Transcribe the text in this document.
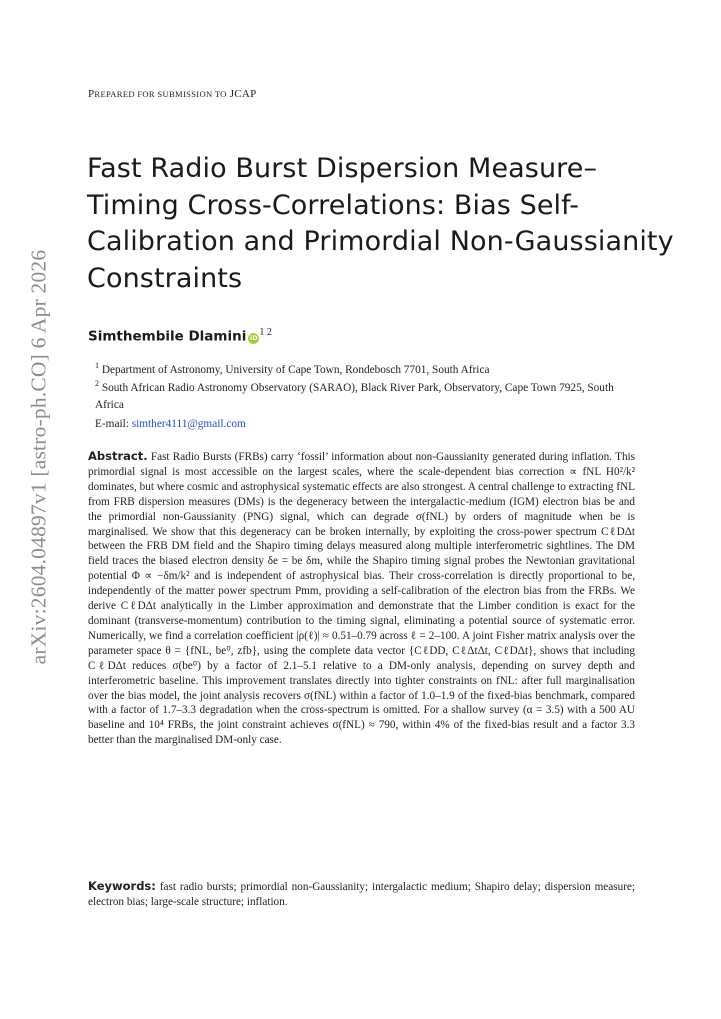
arXiv:2604.04897v1 [astro-ph.CO] 6 Apr 2026
PREPARED FOR SUBMISSION TO JCAP
Fast Radio Burst Dispersion Measure–Timing Cross-Correlations: Bias Self-Calibration and Primordial Non-Gaussianity Constraints
Simthembile Dlamini iD $^{1 2}$
$^1$ Department of Astronomy, University of Cape Town, Rondebosch 7701, South Africa
$^2$ South African Radio Astronomy Observatory (SARAO), Black River Park, Observatory, Cape Town 7925, South Africa
E-mail: simther4111@gmail.com

Abstract. Fast Radio Bursts (FRBs) carry ‘fossil’ information about non-Gaussianity generated during inflation. This primordial signal is most accessible on the largest scales, where the scale-dependent bias correction ∝ fNL H0²/k² dominates, but where cosmic and astrophysical systematic effects are also strongest. A central challenge to extracting fNL from FRB dispersion measures (DMs) is the degeneracy between the intergalactic-medium (IGM) electron bias be and the primordial non-Gaussianity (PNG) signal, which can degrade σ(fNL) by orders of magnitude when be is marginalised. We show that this degeneracy can be broken internally, by exploiting the cross-power spectrum CℓDΔt between the FRB DM field and the Shapiro timing delays measured along multiple interferometric sightlines. The DM field traces the biased electron density δe = be δm, while the Shapiro timing signal probes the Newtonian gravitational potential Φ ∝ −δm/k² and is independent of astrophysical bias. Their cross-correlation is directly proportional to be, independently of the matter power spectrum Pmm, providing a self-calibration of the electron bias from the FRBs. We derive CℓDΔt analytically in the Limber approximation and demonstrate that the Limber condition is exact for the dominant (transverse-momentum) contribution to the timing signal, eliminating a potential source of systematic error. Numerically, we find a correlation coefficient |ρ(ℓ)| ≈ 0.51–0.79 across ℓ = 2–100. A joint Fisher matrix analysis over the parameter space θ = {fNL, be⁰, zfb}, using the complete data vector {CℓDD, CℓΔtΔt, CℓDΔt}, shows that including CℓDΔt reduces σ(be⁰) by a factor of 2.1–5.1 relative to a DM-only analysis, depending on survey depth and interferometric baseline. This improvement translates directly into tighter constraints on fNL: after full marginalisation over the bias model, the joint analysis recovers σ(fNL) within a factor of 1.0–1.9 of the fixed-bias benchmark, compared with a factor of 1.7–3.3 degradation when the cross-spectrum is omitted. For a shallow survey (α = 3.5) with a 500 AU baseline and 10⁴ FRBs, the joint constraint achieves σ(fNL) ≈ 790, within 4% of the fixed-bias result and a factor 3.3 better than the marginalised DM-only case.

Keywords: fast radio bursts; primordial non-Gaussianity; intergalactic medium; Shapiro delay; dispersion measure; electron bias; large-scale structure; inflation.
